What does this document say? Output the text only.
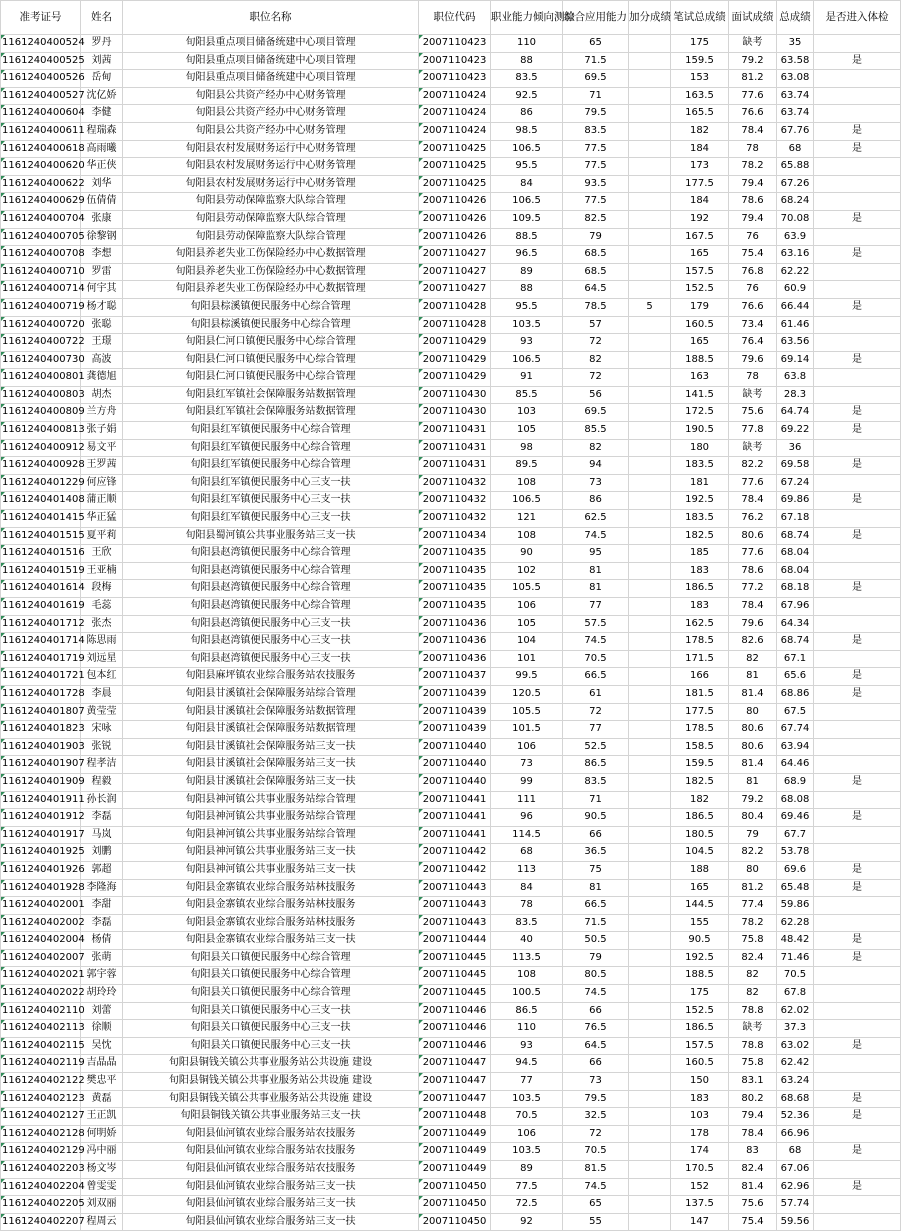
准考证号	姓名	职位名称	职位代码	职业能力倾向测验	综合应用能力	加分成绩	笔试总成绩	面试成绩	总成绩	是否进入体检
1161240400524	罗丹	旬阳县重点项目储备统建中心项目管理	2007110423	110	65		175	缺考	35	
1161240400525	刘茜	旬阳县重点项目储备统建中心项目管理	2007110423	88	71.5		159.5	79.2	63.58	是
1161240400526	岳甸	旬阳县重点项目储备统建中心项目管理	2007110423	83.5	69.5		153	81.2	63.08	
1161240400527	沈亿娇	旬阳县公共资产经办中心财务管理	2007110424	92.5	71		163.5	77.6	63.74	
1161240400604	李健	旬阳县公共资产经办中心财务管理	2007110424	86	79.5		165.5	76.6	63.74	
1161240400611	程瑞森	旬阳县公共资产经办中心财务管理	2007110424	98.5	83.5		182	78.4	67.76	是
1161240400618	高雨曦	旬阳县农村发展财务运行中心财务管理	2007110425	106.5	77.5		184	78	68	是
1161240400620	华正侠	旬阳县农村发展财务运行中心财务管理	2007110425	95.5	77.5		173	78.2	65.88	
1161240400622	刘华	旬阳县农村发展财务运行中心财务管理	2007110425	84	93.5		177.5	79.4	67.26	
1161240400629	伍倩倩	旬阳县劳动保障监察大队综合管理	2007110426	106.5	77.5		184	78.6	68.24	
1161240400704	张康	旬阳县劳动保障监察大队综合管理	2007110426	109.5	82.5		192	79.4	70.08	是
1161240400705	徐黎钢	旬阳县劳动保障监察大队综合管理	2007110426	88.5	79		167.5	76	63.9	
1161240400708	李想	旬阳县养老失业工伤保险经办中心数据管理	2007110427	96.5	68.5		165	75.4	63.16	是
1161240400710	罗雷	旬阳县养老失业工伤保险经办中心数据管理	2007110427	89	68.5		157.5	76.8	62.22	
1161240400714	何宇其	旬阳县养老失业工伤保险经办中心数据管理	2007110427	88	64.5		152.5	76	60.9	
1161240400719	杨才聪	旬阳县棕溪镇便民服务中心综合管理	2007110428	95.5	78.5	5	179	76.6	66.44	是
1161240400720	张聪	旬阳县棕溪镇便民服务中心综合管理	2007110428	103.5	57		160.5	73.4	61.46	
1161240400722	王璟	旬阳县仁河口镇便民服务中心综合管理	2007110429	93	72		165	76.4	63.56	
1161240400730	高波	旬阳县仁河口镇便民服务中心综合管理	2007110429	106.5	82		188.5	79.6	69.14	是
1161240400801	龚德旭	旬阳县仁河口镇便民服务中心综合管理	2007110429	91	72		163	78	63.8	
1161240400803	胡杰	旬阳县红军镇社会保障服务站数据管理	2007110430	85.5	56		141.5	缺考	28.3	
1161240400809	兰方舟	旬阳县红军镇社会保障服务站数据管理	2007110430	103	69.5		172.5	75.6	64.74	是
1161240400813	张子娟	旬阳县红军镇便民服务中心综合管理	2007110431	105	85.5		190.5	77.8	69.22	是
1161240400912	易文平	旬阳县红军镇便民服务中心综合管理	2007110431	98	82		180	缺考	36	
1161240400928	王罗茜	旬阳县红军镇便民服务中心综合管理	2007110431	89.5	94		183.5	82.2	69.58	是
1161240401229	何应锋	旬阳县红军镇便民服务中心三支一扶	2007110432	108	73		181	77.6	67.24	
1161240401408	蒲正顺	旬阳县红军镇便民服务中心三支一扶	2007110432	106.5	86		192.5	78.4	69.86	是
1161240401415	华正猛	旬阳县红军镇便民服务中心三支一扶	2007110432	121	62.5		183.5	76.2	67.18	
1161240401515	夏平莉	旬阳县蜀河镇公共事业服务站三支一扶	2007110434	108	74.5		182.5	80.6	68.74	是
1161240401516	王欣	旬阳县赵湾镇便民服务中心综合管理	2007110435	90	95		185	77.6	68.04	
1161240401519	王亚楠	旬阳县赵湾镇便民服务中心综合管理	2007110435	102	81		183	78.6	68.04	
1161240401614	段梅	旬阳县赵湾镇便民服务中心综合管理	2007110435	105.5	81		186.5	77.2	68.18	是
1161240401619	毛蕊	旬阳县赵湾镇便民服务中心综合管理	2007110435	106	77		183	78.4	67.96	
1161240401712	张杰	旬阳县赵湾镇便民服务中心三支一扶	2007110436	105	57.5		162.5	79.6	64.34	
1161240401714	陈思雨	旬阳县赵湾镇便民服务中心三支一扶	2007110436	104	74.5		178.5	82.6	68.74	是
1161240401719	刘远星	旬阳县赵湾镇便民服务中心三支一扶	2007110436	101	70.5		171.5	82	67.1	
1161240401721	包本红	旬阳县麻坪镇农业综合服务站农技服务	2007110437	99.5	66.5		166	81	65.6	是
1161240401728	李晨	旬阳县甘溪镇社会保障服务站综合管理	2007110439	120.5	61		181.5	81.4	68.86	是
1161240401807	黄莹莹	旬阳县甘溪镇社会保障服务站数据管理	2007110439	105.5	72		177.5	80	67.5	
1161240401823	宋咏	旬阳县甘溪镇社会保障服务站数据管理	2007110439	101.5	77		178.5	80.6	67.74	
1161240401903	张锐	旬阳县甘溪镇社会保障服务站三支一扶	2007110440	106	52.5		158.5	80.6	63.94	
1161240401907	程孝洁	旬阳县甘溪镇社会保障服务站三支一扶	2007110440	73	86.5		159.5	81.4	64.46	
1161240401909	程毅	旬阳县甘溪镇社会保障服务站三支一扶	2007110440	99	83.5		182.5	81	68.9	是
1161240401911	孙长润	旬阳县神河镇公共事业服务站综合管理	2007110441	111	71		182	79.2	68.08	
1161240401912	李磊	旬阳县神河镇公共事业服务站综合管理	2007110441	96	90.5		186.5	80.4	69.46	是
1161240401917	马岚	旬阳县神河镇公共事业服务站综合管理	2007110441	114.5	66		180.5	79	67.7	
1161240401925	刘鹏	旬阳县神河镇公共事业服务站三支一扶	2007110442	68	36.5		104.5	82.2	53.78	
1161240401926	郭超	旬阳县神河镇公共事业服务站三支一扶	2007110442	113	75		188	80	69.6	是
1161240401928	李隆海	旬阳县金寨镇农业综合服务站林技服务	2007110443	84	81		165	81.2	65.48	是
1161240402001	李甜	旬阳县金寨镇农业综合服务站林技服务	2007110443	78	66.5		144.5	77.4	59.86	
1161240402002	李磊	旬阳县金寨镇农业综合服务站林技服务	2007110443	83.5	71.5		155	78.2	62.28	
1161240402004	杨倩	旬阳县金寨镇农业综合服务站三支一扶	2007110444	40	50.5		90.5	75.8	48.42	是
1161240402007	张萌	旬阳县关口镇便民服务中心综合管理	2007110445	113.5	79		192.5	82.4	71.46	是
1161240402021	郭宇蓉	旬阳县关口镇便民服务中心综合管理	2007110445	108	80.5		188.5	82	70.5	
1161240402022	胡玲玲	旬阳县关口镇便民服务中心综合管理	2007110445	100.5	74.5		175	82	67.8	
1161240402110	刘蕾	旬阳县关口镇便民服务中心三支一扶	2007110446	86.5	66		152.5	78.8	62.02	
1161240402113	徐顺	旬阳县关口镇便民服务中心三支一扶	2007110446	110	76.5		186.5	缺考	37.3	
1161240402115	吴忱	旬阳县关口镇便民服务中心三支一扶	2007110446	93	64.5		157.5	78.8	63.02	是
1161240402119	吉晶晶	旬阳县铜钱关镇公共事业服务站公共设施 建设	2007110447	94.5	66		160.5	75.8	62.42	
1161240402122	樊忠平	旬阳县铜钱关镇公共事业服务站公共设施 建设	2007110447	77	73		150	83.1	63.24	
1161240402123	黄磊	旬阳县铜钱关镇公共事业服务站公共设施 建设	2007110447	103.5	79.5		183	80.2	68.68	是
1161240402127	王正凯	旬阳县铜钱关镇公共事业服务站三支一扶	2007110448	70.5	32.5		103	79.4	52.36	是
1161240402128	何明娇	旬阳县仙河镇农业综合服务站农技服务	2007110449	106	72		178	78.4	66.96	
1161240402129	冯中丽	旬阳县仙河镇农业综合服务站农技服务	2007110449	103.5	70.5		174	83	68	是
1161240402203	杨文岑	旬阳县仙河镇农业综合服务站农技服务	2007110449	89	81.5		170.5	82.4	67.06	
1161240402204	曾雯雯	旬阳县仙河镇农业综合服务站三支一扶	2007110450	77.5	74.5		152	81.4	62.96	是
1161240402205	刘双丽	旬阳县仙河镇农业综合服务站三支一扶	2007110450	72.5	65		137.5	75.6	57.74	
1161240402207	程周云	旬阳县仙河镇农业综合服务站三支一扶	2007110450	92	55		147	75.4	59.56	
